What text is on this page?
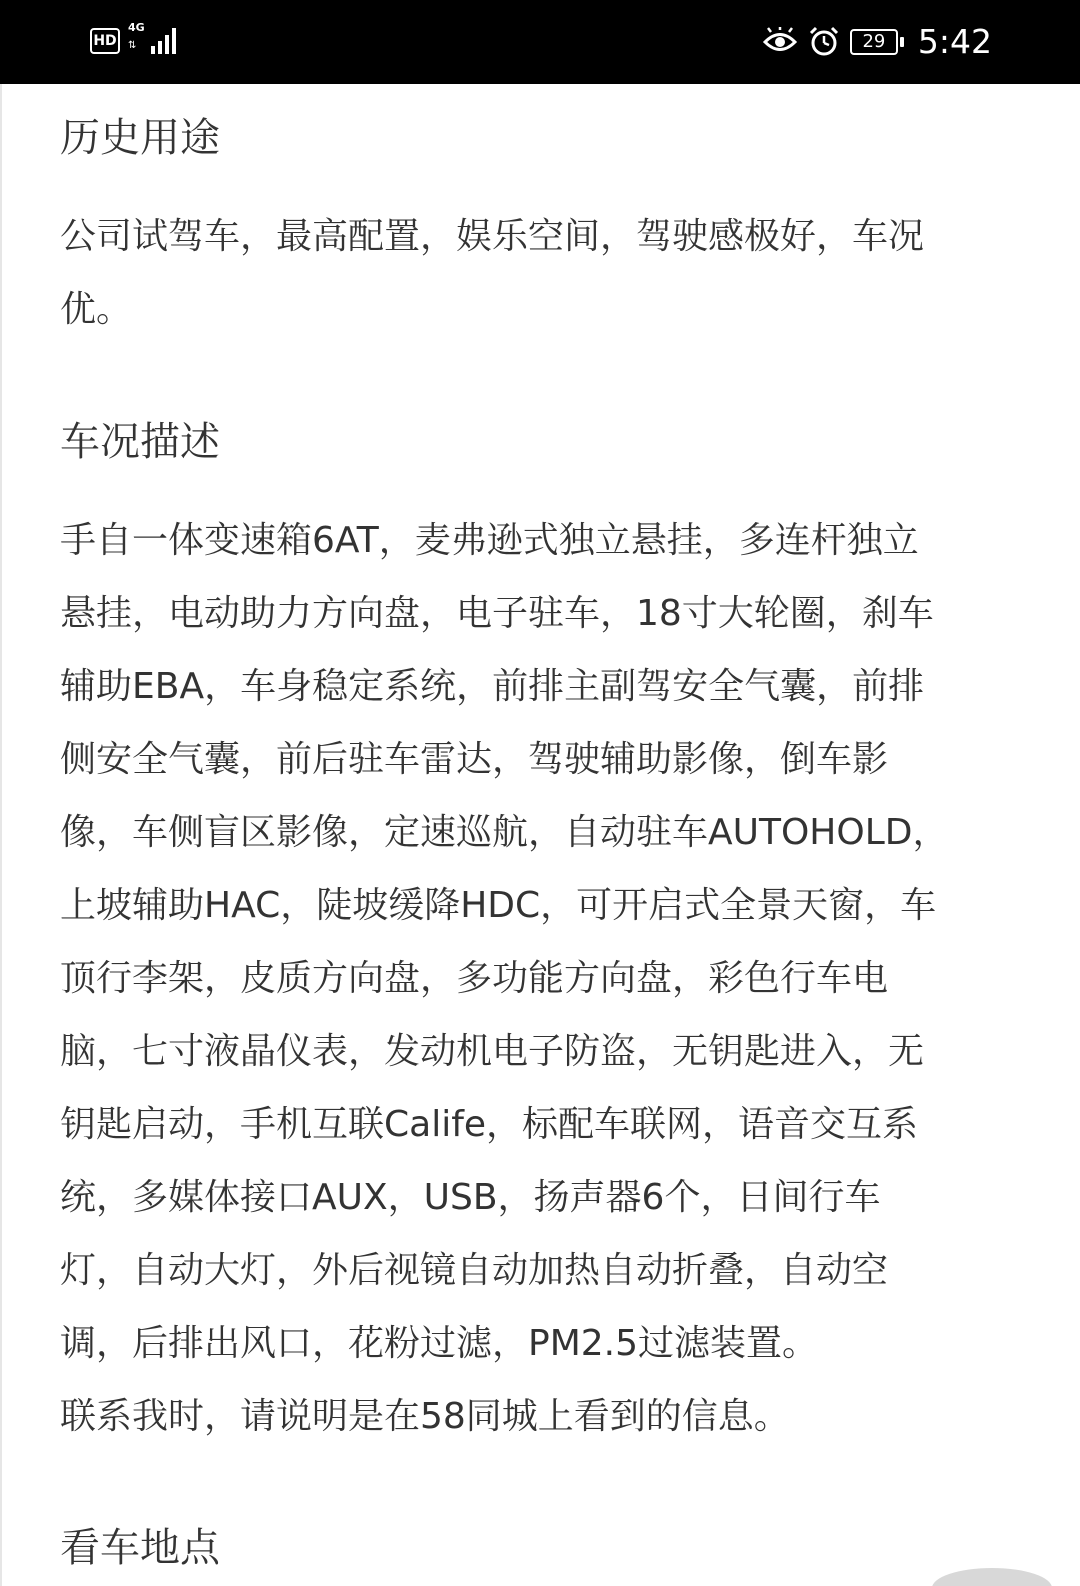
HD
4G
⇅	29 5:42
历史用途
公司试驾车，最高配置，娱乐空间，驾驶感极好，车况
优。
车况描述
手自一体变速箱6AT，麦弗逊式独立悬挂，多连杆独立
悬挂，电动助力方向盘，电子驻车，18寸大轮圈，刹车
辅助EBA，车身稳定系统，前排主副驾安全气囊，前排
侧安全气囊，前后驻车雷达，驾驶辅助影像，倒车影
像，车侧盲区影像，定速巡航，自动驻车AUTOHOLD，
上坡辅助HAC，陡坡缓降HDC，可开启式全景天窗，车
顶行李架，皮质方向盘，多功能方向盘，彩色行车电
脑，七寸液晶仪表，发动机电子防盗，无钥匙进入，无
钥匙启动，手机互联Calife，标配车联网，语音交互系
统，多媒体接口AUX，USB，扬声器6个，日间行车
灯，自动大灯，外后视镜自动加热自动折叠，自动空
调，后排出风口，花粉过滤，PM2.5过滤装置。
联系我时，请说明是在58同城上看到的信息。
看车地点
